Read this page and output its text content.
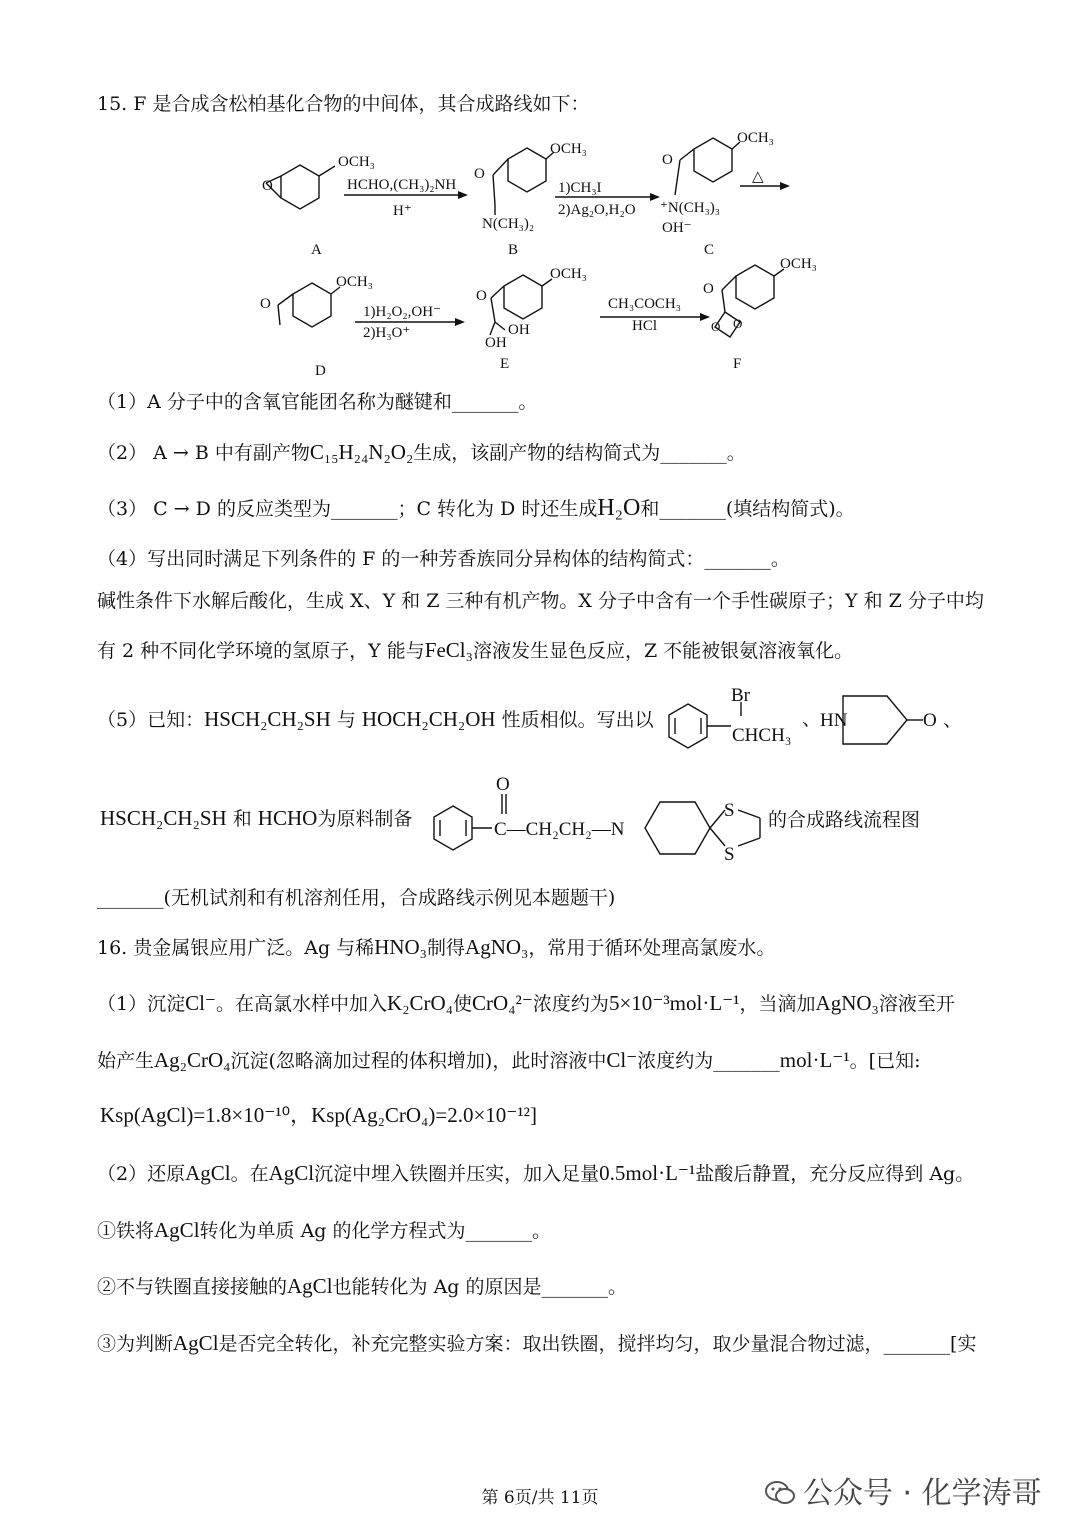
15. F 是合成含松柏基化合物的中间体，其合成路线如下：
OCH₃
O	HCHO,(CH₃)₂NH
H⁺
A
OCH₃
O
N(CH₃)₂
B
1)CH₃I
2)Ag₂O,H₂O
OCH₃
O
⁺N(CH₃)₃
OH⁻
C
△
OCH₃
O
D
1)H₂O₂,OH⁻
2)H₃O⁺
OCH₃
O
OH
OH
E
CH₃COCH₃
HCl
OCH₃
O
O
O
F
（1）A 分子中的含氧官能团名称为醚键和_______。
（2） A → B 中有副产物C₁₅H₂₄N₂O₂生成，该副产物的结构简式为_______。
（3） C → D 的反应类型为_______；C 转化为 D 时还生成H₂O和_______(填结构简式)。
（4）写出同时满足下列条件的 F 的一种芳香族同分异构体的结构简式：_______。
碱性条件下水解后酸化，生成 X、Y 和 Z 三种有机产物。X 分子中含有一个手性碳原子；Y 和 Z 分子中均
有 2 种不同化学环境的氢原子，Y 能与FeCl₃溶液发生显色反应，Z 不能被银氨溶液氧化。
（5）已知：HSCH₂CH₂SH 与 HOCH₂CH₂OH 性质相似。写出以
Br
CHCH₃
、
HN	O 、
HSCH₂CH₂SH 和 HCHO为原料制备
O
C—CH₂CH₂—N
S
S
的合成路线流程图
_______(无机试剂和有机溶剂任用，合成路线示例见本题题干)
16. 贵金属银应用广泛。Ag 与稀HNO₃制得AgNO₃，常用于循环处理高氯废水。
（1）沉淀Cl⁻。在高氯水样中加入K₂CrO₄使CrO₄²⁻浓度约为5×10⁻³mol·L⁻¹，当滴加AgNO₃溶液至开
始产生Ag₂CrO₄沉淀(忽略滴加过程的体积增加)，此时溶液中Cl⁻浓度约为_______mol·L⁻¹。[已知:
Ksp(AgCl)=1.8×10⁻¹⁰，Ksp(Ag₂CrO₄)=2.0×10⁻¹²]
（2）还原AgCl。在AgCl沉淀中埋入铁圈并压实，加入足量0.5mol·L⁻¹盐酸后静置，充分反应得到 Ag。
①铁将AgCl转化为单质 Ag 的化学方程式为_______。
②不与铁圈直接接触的AgCl也能转化为 Ag 的原因是_______。
③为判断AgCl是否完全转化，补充完整实验方案：取出铁圈，搅拌均匀，取少量混合物过滤，_______[实
第 6页/共 11页	公众号 · 化学涛哥
